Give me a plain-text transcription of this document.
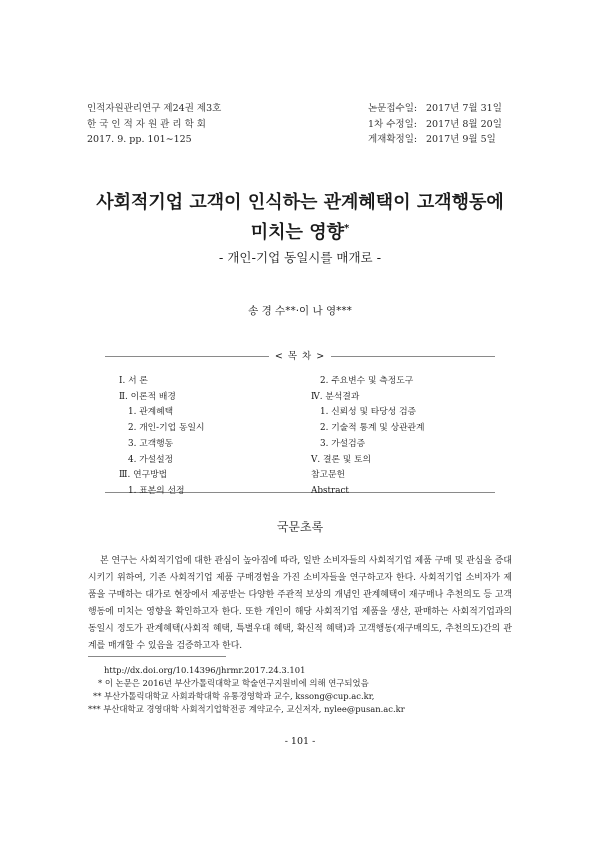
인적자원관리연구 제24권 제3호
한 국 인 적 자 원 관 리 학 회
2017. 9. pp. 101∼125
논문접수일: 2017년 7월 31일
1차 수정일: 2017년 8월 20일
게재확정일: 2017년 9월 5일
사회적기업 고객이 인식하는 관계혜택이 고객행동에
미치는 영향*
- 개인-기업 동일시를 매개로 -
송 경 수**·이 나 영***
< 목 차 >
Ⅰ. 서 론
Ⅱ. 이론적 배경
1. 관계혜택
2. 개인-기업 동일시
3. 고객행동
4. 가설설정
Ⅲ. 연구방법
1. 표본의 선정
2. 주요변수 및 측정도구
Ⅳ. 분석결과
1. 신뢰성 및 타당성 검증
2. 기술적 통계 및 상관관계
3. 가설검증
Ⅴ. 결론 및 토의
참고문헌
Abstract
국문초록
본 연구는 사회적기업에 대한 관심이 높아짐에 따라, 일반 소비자들의 사회적기업 제품 구매 및 관심을 증대시키기 위하여, 기존 사회적기업 제품 구매경험을 가진 소비자들을 연구하고자 한다. 사회적기업 소비자가 제품을 구매하는 대가로 현장에서 제공받는 다양한 주관적 보상의 개념인 관계혜택이 재구매나 추천의도 등 고객행동에 미치는 영향을 확인하고자 한다. 또한 개인이 해당 사회적기업 제품을 생산, 판매하는 사회적기업과의 동일시 정도가 관계혜택(사회적 혜택, 특별우대 혜택, 확신적 혜택)과 고객행동(재구매의도, 추천의도)간의 관계를 매개할 수 있음을 검증하고자 한다.
http://dx.doi.org/10.14396/jhrmr.2017.24.3.101
* 이 논문은 2016년 부산가톨릭대학교 학술연구지원비에 의해 연구되었음
** 부산가톨릭대학교 사회과학대학 유통경영학과 교수, kssong@cup.ac.kr,
*** 부산대학교 경영대학 사회적기업학전공 계약교수, 교신저자, nylee@pusan.ac.kr
- 101 -
